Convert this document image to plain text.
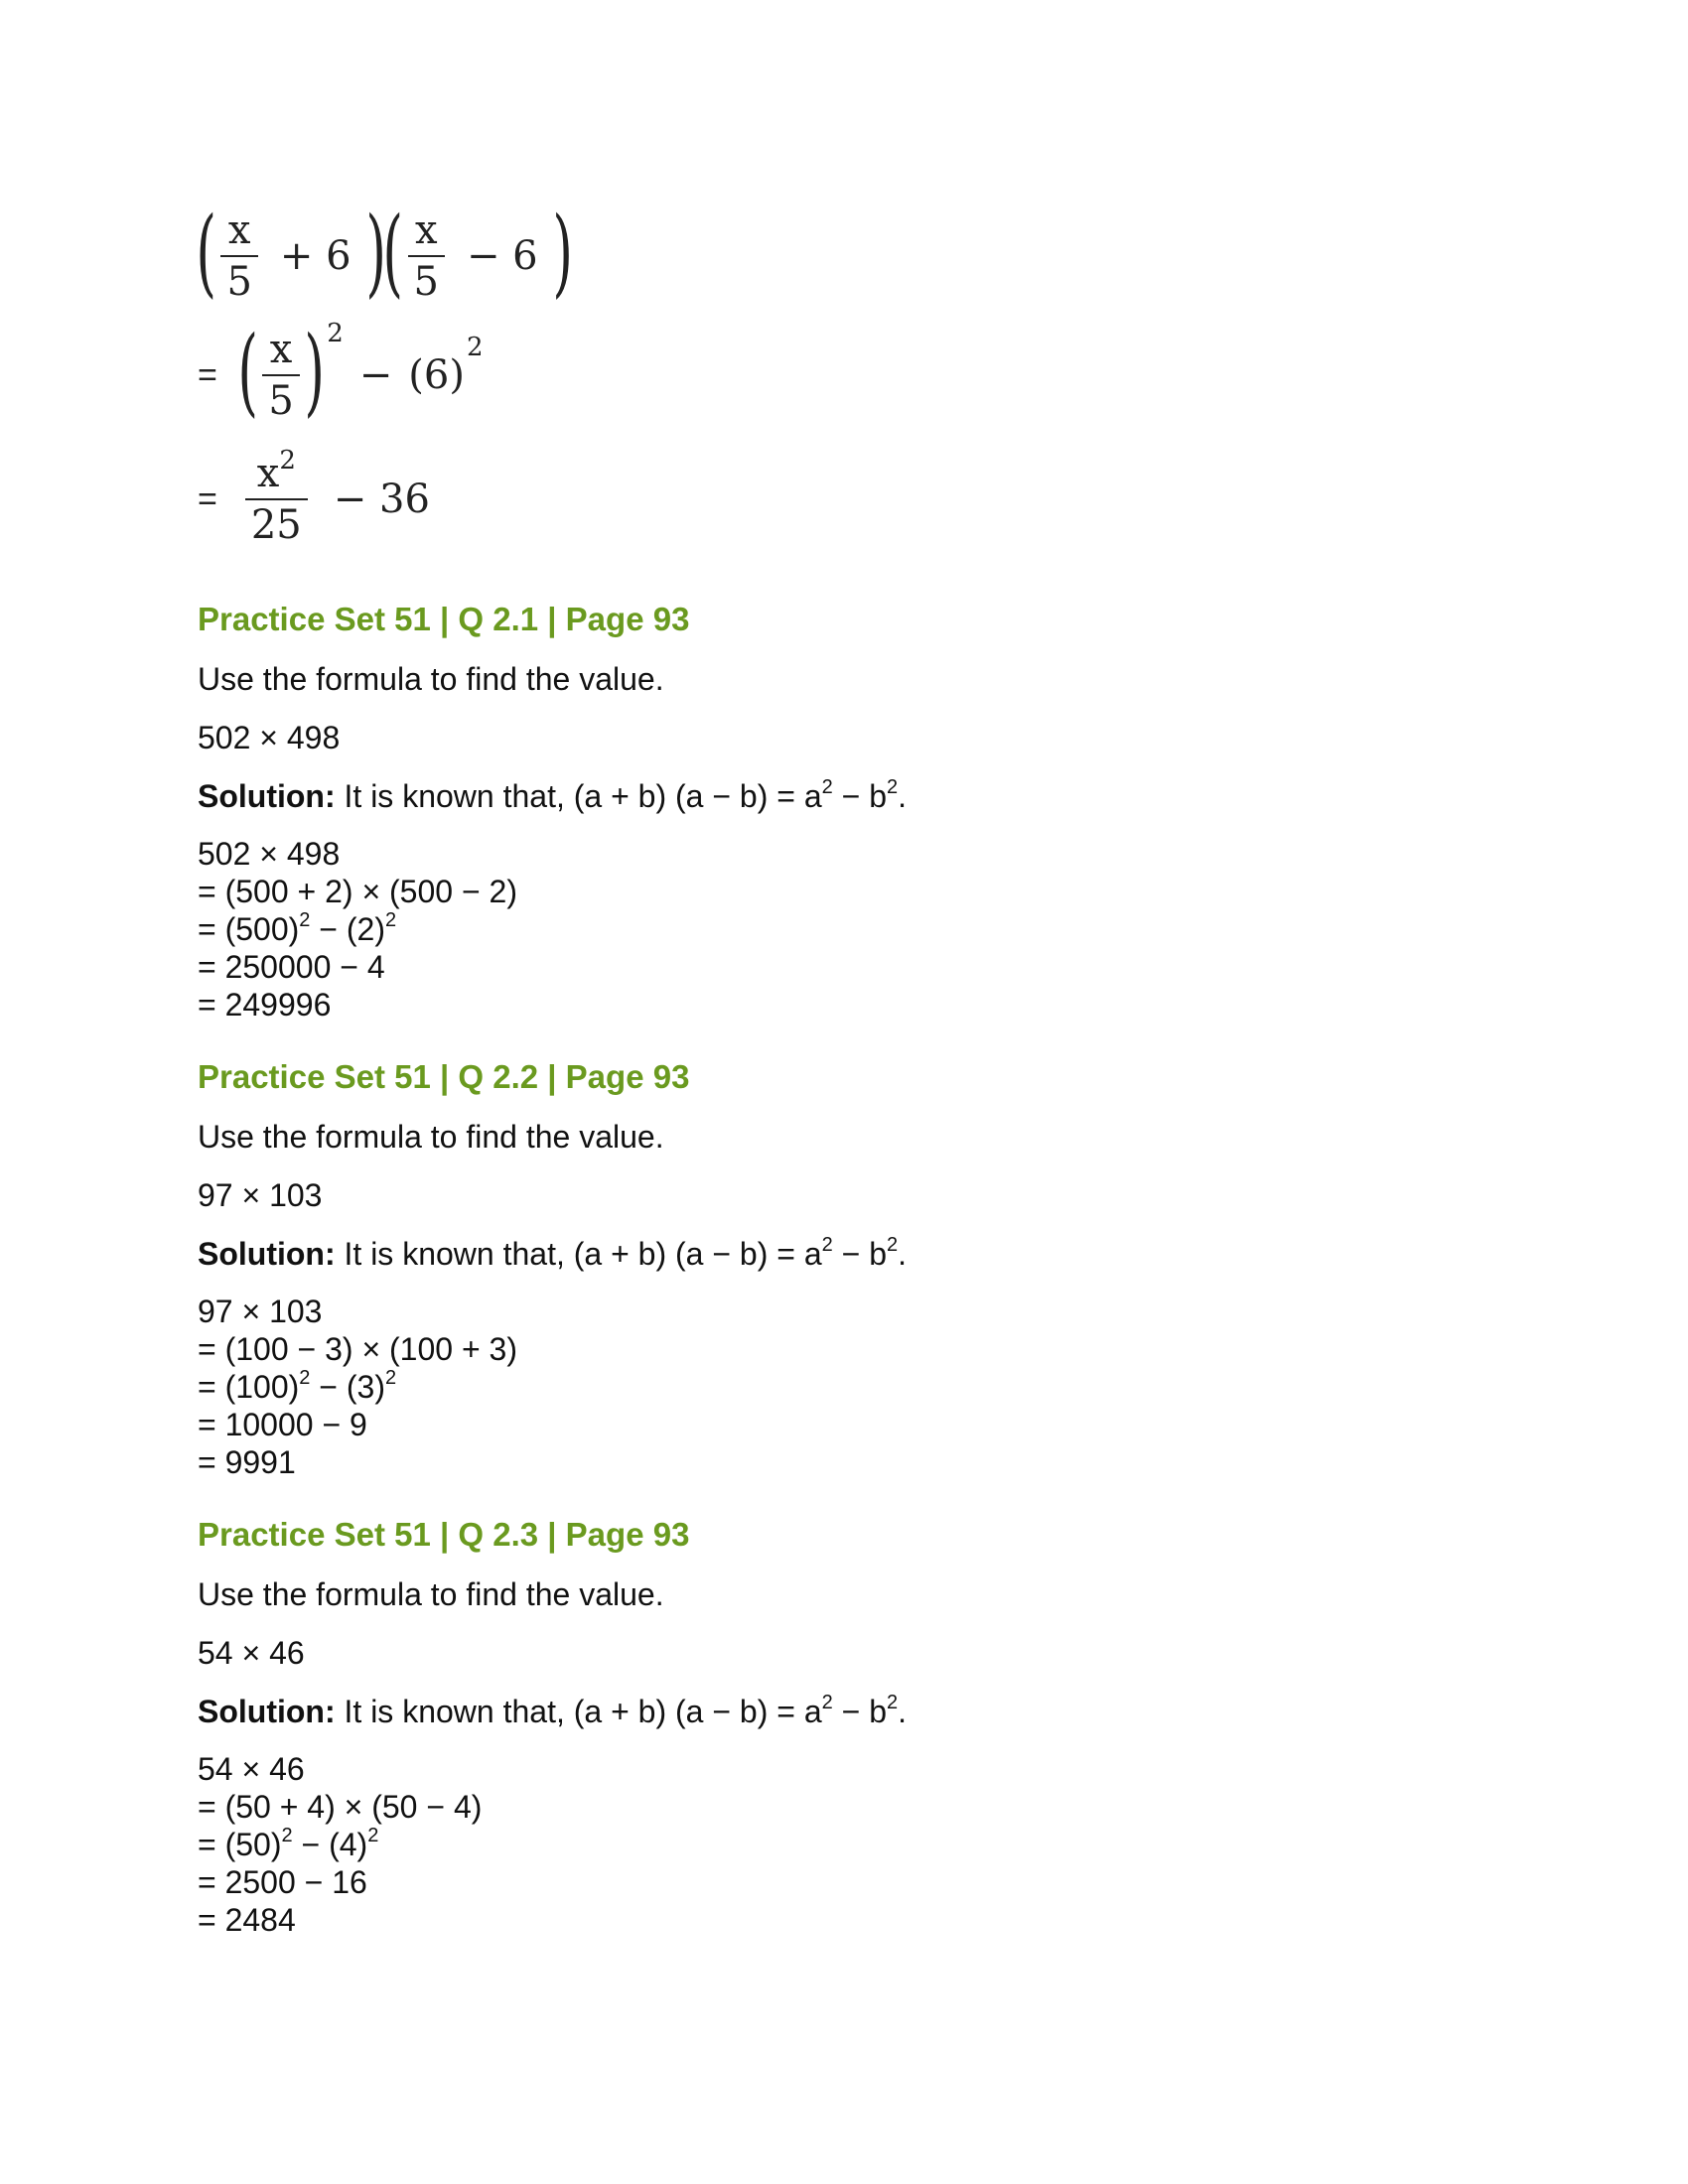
( $\frac{x}{5} + 6$ )
( $\frac{x}{5} - 6$ )
= ( $\frac{x}{5}$ ) 2
− (6)
2
= $\frac{x^2}{25} - 36$

Practice Set 51 | Q 2.1 | Page 93

Use the formula to find the value.

502 × 498

Solution: It is known that, (a + b) $(a - b) = a^2 - b^2$.

502 × 498
= (500 + 2) × (500 − 2)
= $(500)^2 - (2)^2$
= 250000 − 4
= 249996

Practice Set 51 | Q 2.2 | Page 93

Use the formula to find the value.

97 × 103

Solution: It is known that, (a + b) $(a - b) = a^2 - b^2$.

97 × 103
= (100 − 3) × (100 + 3)
= $(100)^2 - (3)^2$
= 10000 − 9
= 9991

Practice Set 51 | Q 2.3 | Page 93

Use the formula to find the value.

54 × 46

Solution: It is known that, (a + b) $(a - b) = a^2 - b^2$.

54 × 46
= (50 + 4) × (50 − 4)
= $(50)^2 - (4)^2$
= 2500 − 16
= 2484
